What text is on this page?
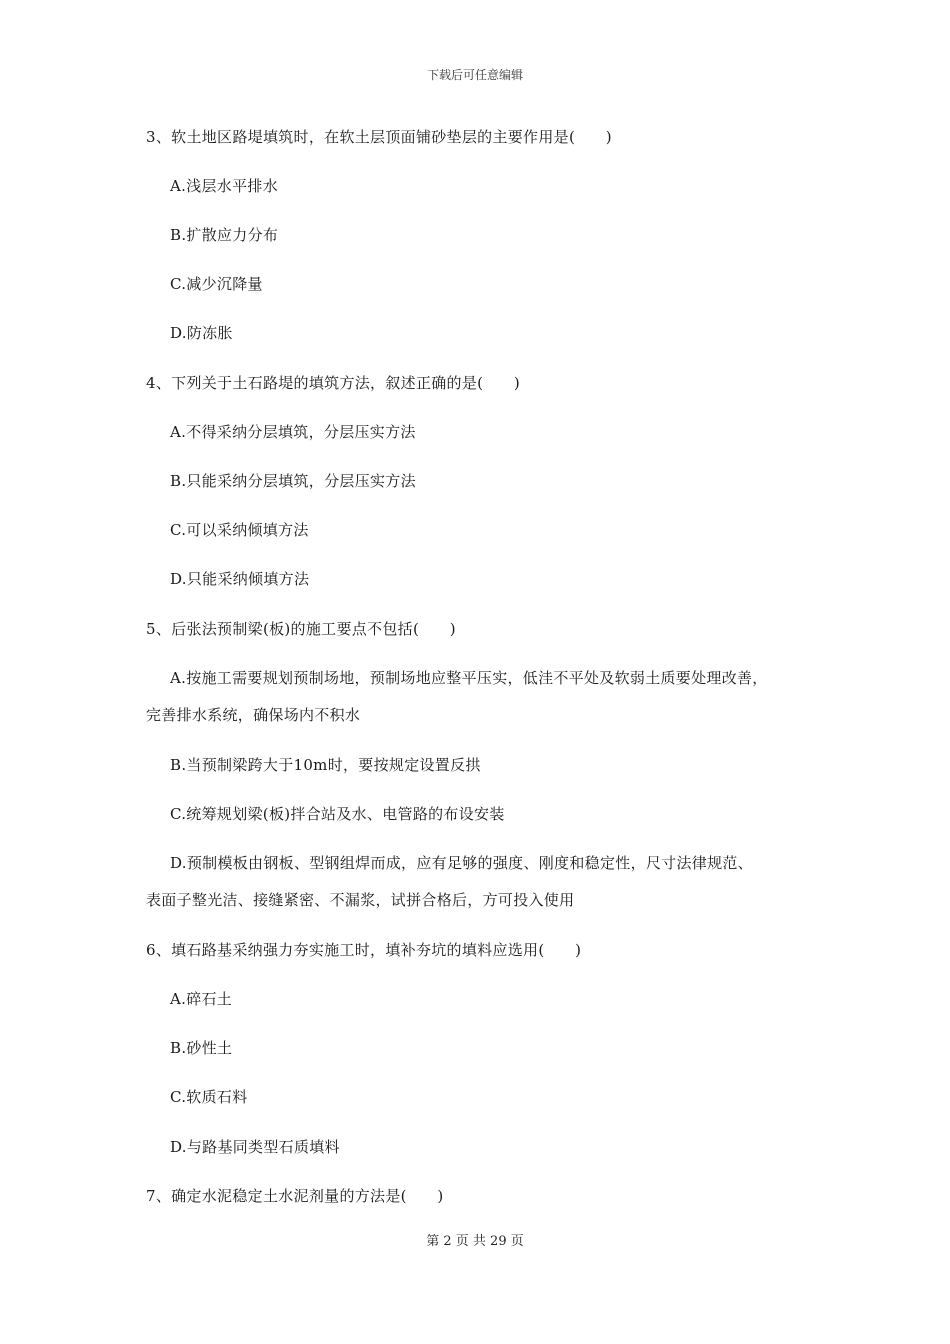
下载后可任意编辑
3、软土地区路堤填筑时，在软土层顶面铺砂垫层的主要作用是(　　)
A.浅层水平排水
B.扩散应力分布
C.减少沉降量
D.防冻胀
4、下列关于土石路堤的填筑方法，叙述正确的是(　　)
A.不得采纳分层填筑，分层压实方法
B.只能采纳分层填筑，分层压实方法
C.可以采纳倾填方法
D.只能采纳倾填方法
5、后张法预制梁(板)的施工要点不包括(　　)
A.按施工需要规划预制场地，预制场地应整平压实，低洼不平处及软弱土质要处理改善，
完善排水系统，确保场内不积水
B.当预制梁跨大于10m时，要按规定设置反拱
C.统筹规划梁(板)拌合站及水、电管路的布设安装
D.预制模板由钢板、型钢组焊而成，应有足够的强度、刚度和稳定性，尺寸法律规范、
表面子整光洁、接缝紧密、不漏浆，试拼合格后，方可投入使用
6、填石路基采纳强力夯实施工时，填补夯坑的填料应选用(　　)
A.碎石土
B.砂性土
C.软质石料
D.与路基同类型石质填料
7、确定水泥稳定土水泥剂量的方法是(　　)
第 2 页 共 29 页
